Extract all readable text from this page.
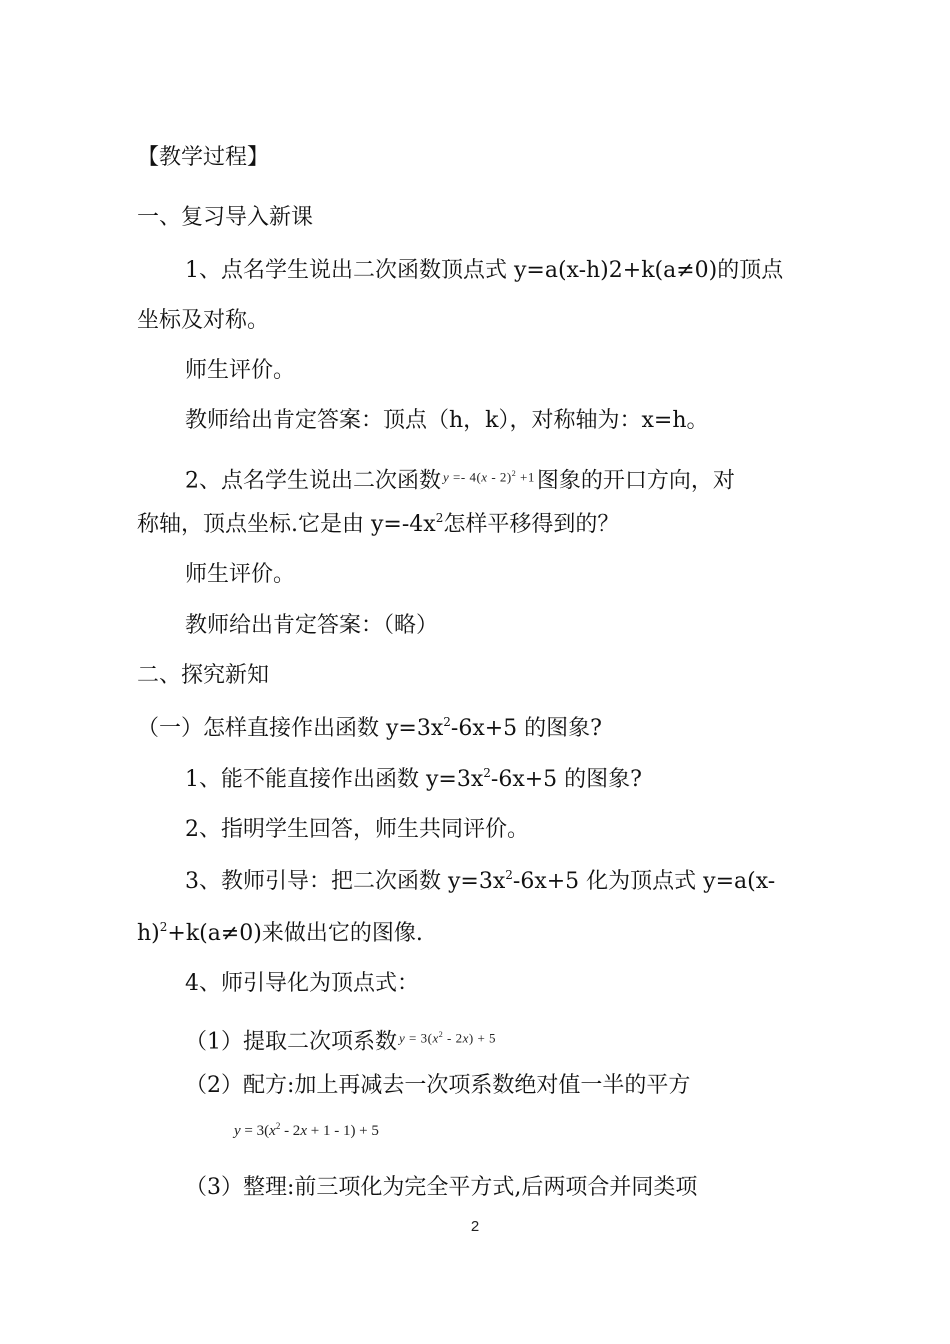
【教学过程】
一、复习导入新课
1、点名学生说出二次函数顶点式 y=a(x-h)2+k(a≠0)的顶点
坐标及对称。
师生评价。
教师给出肯定答案：顶点（h，k），对称轴为：x=h。
2、点名学生说出二次函数 y =- 4(x - 2)$^2$ +1图象的开口方向，对
称轴，顶点坐标.它是由 $y=-4x^2$怎样平移得到的？
师生评价。
教师给出肯定答案：（略）
二、探究新知
（一）怎样直接作出函数 $y=3x^2-6x+5$ 的图象?
1、能不能直接作出函数 $y=3x^2-6x+5$ 的图象?
2、指明学生回答，师生共同评价。
3、教师引导：把二次函数 $y=3x^2-6x+5$ 化为顶点式 y=a(x-
h)$^2$+k(a≠0)来做出它的图像.
4、师引导化为顶点式：
（1）提取二次项系数 $y = 3(x^2 - 2x) + 5$
（2）配方:加上再减去一次项系数绝对值一半的平方
$y = 3(x^2 - 2x + 1 - 1) + 5$
（3）整理:前三项化为完全平方式,后两项合并同类项
2
